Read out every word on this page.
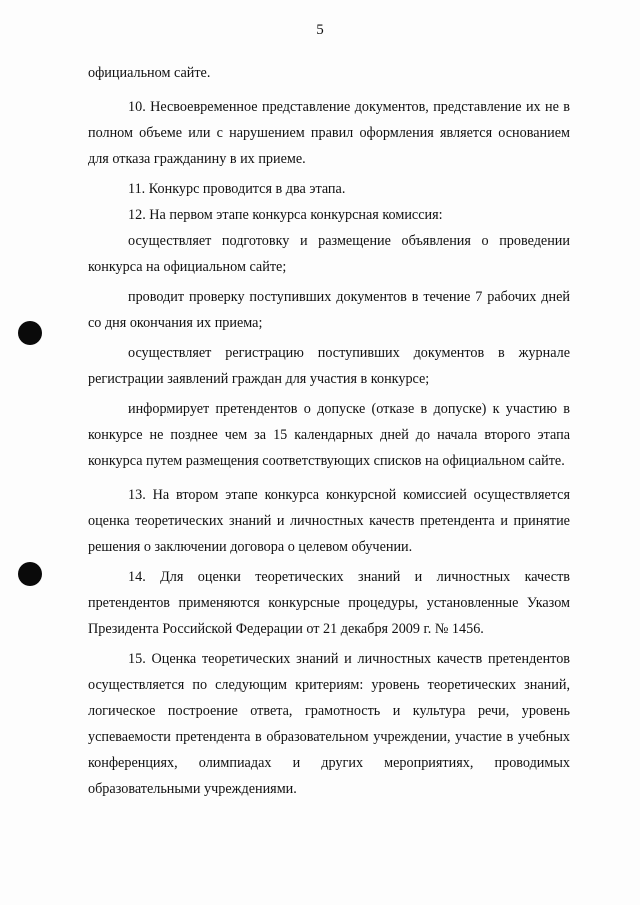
5

официальном сайте.

10. Несвоевременное представление документов, представление их не в полном объеме или с нарушением правил оформления является основанием для отказа гражданину в их приеме.

11. Конкурс проводится в два этапа.

12. На первом этапе конкурса конкурсная комиссия:

осуществляет подготовку и размещение объявления о проведении конкурса на официальном сайте;

проводит проверку поступивших документов в течение 7 рабочих дней со дня окончания их приема;

осуществляет регистрацию поступивших документов в журнале регистрации заявлений граждан для участия в конкурсе;

информирует претендентов о допуске (отказе в допуске) к участию в конкурсе не позднее чем за 15 календарных дней до начала второго этапа конкурса путем размещения соответствующих списков на официальном сайте.

13. На втором этапе конкурса конкурсной комиссией осуществляется оценка теоретических знаний и личностных качеств претендента и принятие решения о заключении договора о целевом обучении.

14. Для оценки теоретических знаний и личностных качеств претендентов применяются конкурсные процедуры, установленные Указом Президента Российской Федерации от 21 декабря 2009 г. № 1456.

15. Оценка теоретических знаний и личностных качеств претендентов осуществляется по следующим критериям: уровень теоретических знаний, логическое построение ответа, грамотность и культура речи, уровень успеваемости претендента в образовательном учреждении, участие в учебных конференциях, олимпиадах и других мероприятиях, проводимых образовательными учреждениями.
